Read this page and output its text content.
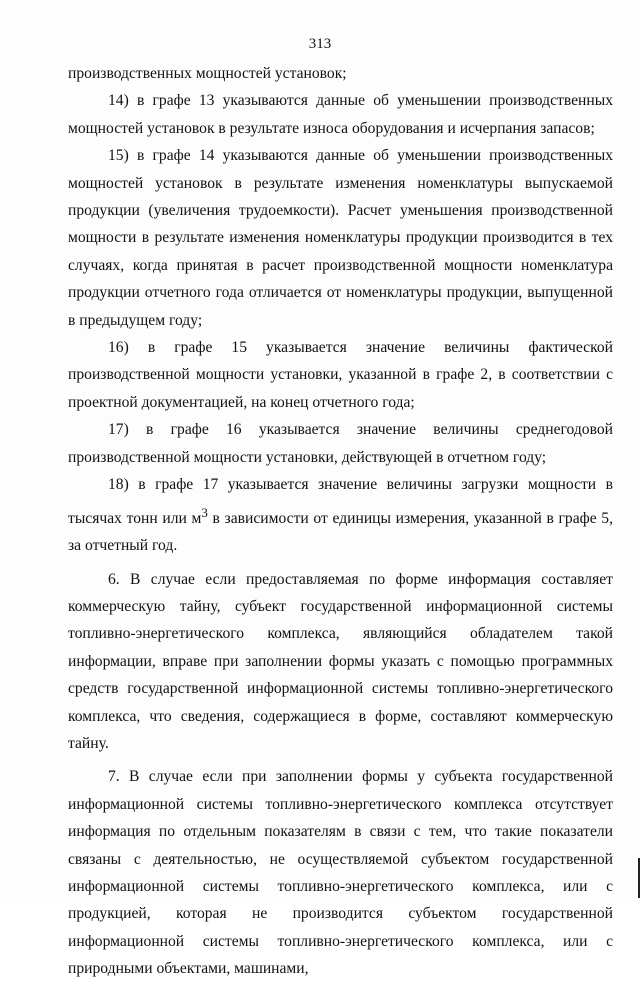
313

производственных мощностей установок;

14) в графе 13 указываются данные об уменьшении производственных мощностей установок в результате износа оборудования и исчерпания запасов;

15) в графе 14 указываются данные об уменьшении производственных мощностей установок в результате изменения номенклатуры выпускаемой продукции (увеличения трудоемкости). Расчет уменьшения производственной мощности в результате изменения номенклатуры продукции производится в тех случаях, когда принятая в расчет производственной мощности номенклатура продукции отчетного года отличается от номенклатуры продукции, выпущенной в предыдущем году;

16) в графе 15 указывается значение величины фактической производственной мощности установки, указанной в графе 2, в соответствии с проектной документацией, на конец отчетного года;

17) в графе 16 указывается значение величины среднегодовой производственной мощности установки, действующей в отчетном году;

18) в графе 17 указывается значение величины загрузки мощности в тысячах тонн или $м^3$ в зависимости от единицы измерения, указанной в графе 5, за отчетный год.

6. В случае если предоставляемая по форме информация составляет коммерческую тайну, субъект государственной информационной системы топливно-энергетического комплекса, являющийся обладателем такой информации, вправе при заполнении формы указать с помощью программных средств государственной информационной системы топливно-энергетического комплекса, что сведения, содержащиеся в форме, составляют коммерческую тайну.

7. В случае если при заполнении формы у субъекта государственной информационной системы топливно-энергетического комплекса отсутствует информация по отдельным показателям в связи с тем, что такие показатели связаны с деятельностью, не осуществляемой субъектом государственной информационной системы топливно-энергетического комплекса, или с продукцией, которая не производится субъектом государственной информационной системы топливно-энергетического комплекса, или с природными объектами, машинами,
